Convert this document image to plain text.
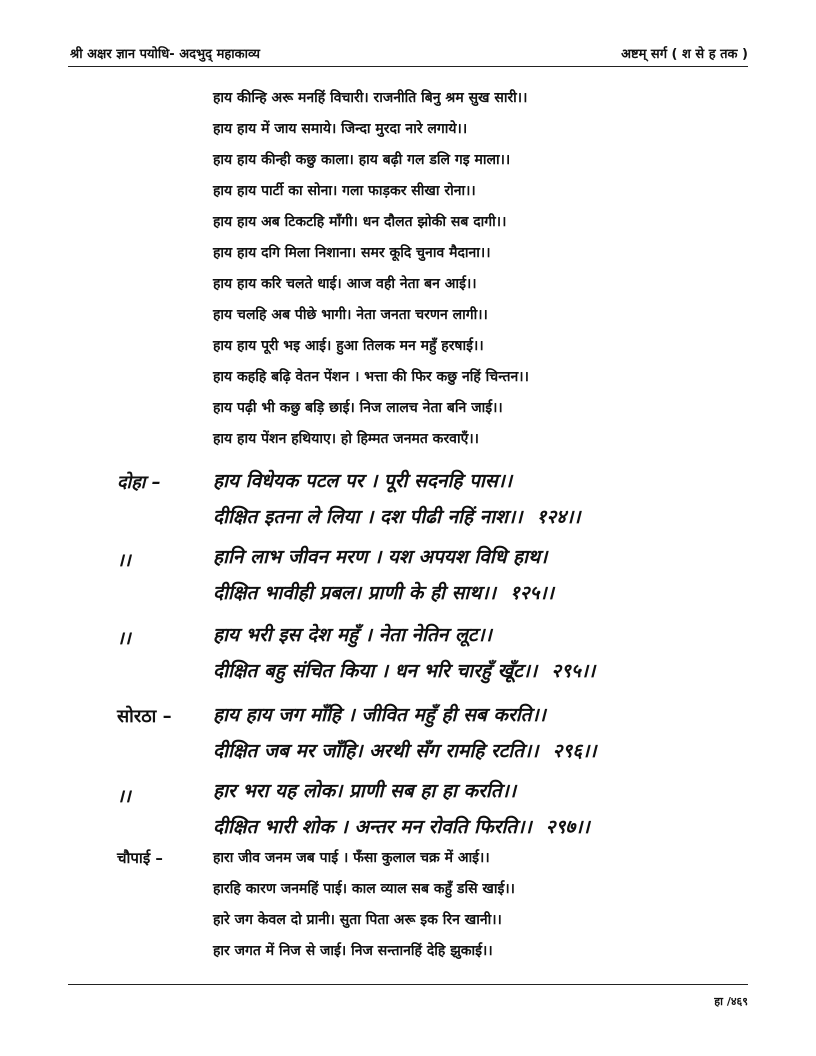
श्री अक्षर ज्ञान पयोधि- अदभुद् महाकाव्य	अष्टम् सर्ग ( श से ह तक )
हाय कीन्हि अरू मनहिं विचारी। राजनीति बिनु श्रम सुख सारी।।
हाय हाय में जाय समाये। जिन्दा मुरदा नारे लगाये।।
हाय हाय कीन्ही कछु काला। हाय बढ़ी गल डलि गइ माला।।
हाय हाय पार्टी का सोना। गला फाड़कर सीखा रोना।।
हाय हाय अब टिकटहि माँगी। धन दौलत झोकी सब दागी।।
हाय हाय दगि मिला निशाना। समर कूदि चुनाव मैदाना।।
हाय हाय करि चलते धाई। आज वही नेता बन आई।।
हाय चलहि अब पीछे भागी। नेता जनता चरणन लागी।।
हाय हाय पूरी भइ आई। हुआ तिलक मन महुँ हरषाई।।
हाय कहहि बढ़ि वेतन पेंशन । भत्ता की फिर कछु नहिं चिन्तन।।
हाय पढ़ी भी कछु बड़ि छाई। निज लालच नेता बनि जाई।।
हाय हाय पेंशन हथियाए। हो हिम्मत जनमत करवाएँ।।
दोहा –	हाय विधेयक पटल पर । पूरी सदनहि पास।।
दीक्षित इतना ले लिया । दश पीढी नहिं नाश।। १२४।।
।।	हानि लाभ जीवन मरण । यश अपयश विधि हाथ।
दीक्षित भावीही प्रबल। प्राणी के ही साथ।। १२५।।
।।	हाय भरी इस देश महुँ । नेता नेतिन लूट।।
दीक्षित बहु संचित किया । धन भरि चारहुँ खूँट।। २९५।।
सोरठा – हाय हाय जग माँहि । जीवित महुँ ही सब करति।।
दीक्षित जब मर जाँहि। अरथी सँग रामहि रटति।। २९६।।
।।	हार भरा यह लोक। प्राणी सब हा हा करति।।
दीक्षित भारी शोक । अन्तर मन रोवति फिरति।। २९७।।
चौपाई –	हारा जीव जनम जब पाई । फँसा कुलाल चक्र में आई।।
हारहि कारण जनमहिं पाई। काल व्याल सब कहुँ डसि खाई।।
हारे जग केवल दो प्रानी। सुता पिता अरू इक रिन खानी।।
हार जगत में निज से जाई। निज सन्तानहिं देहि झुकाई।।
हा /४६९
